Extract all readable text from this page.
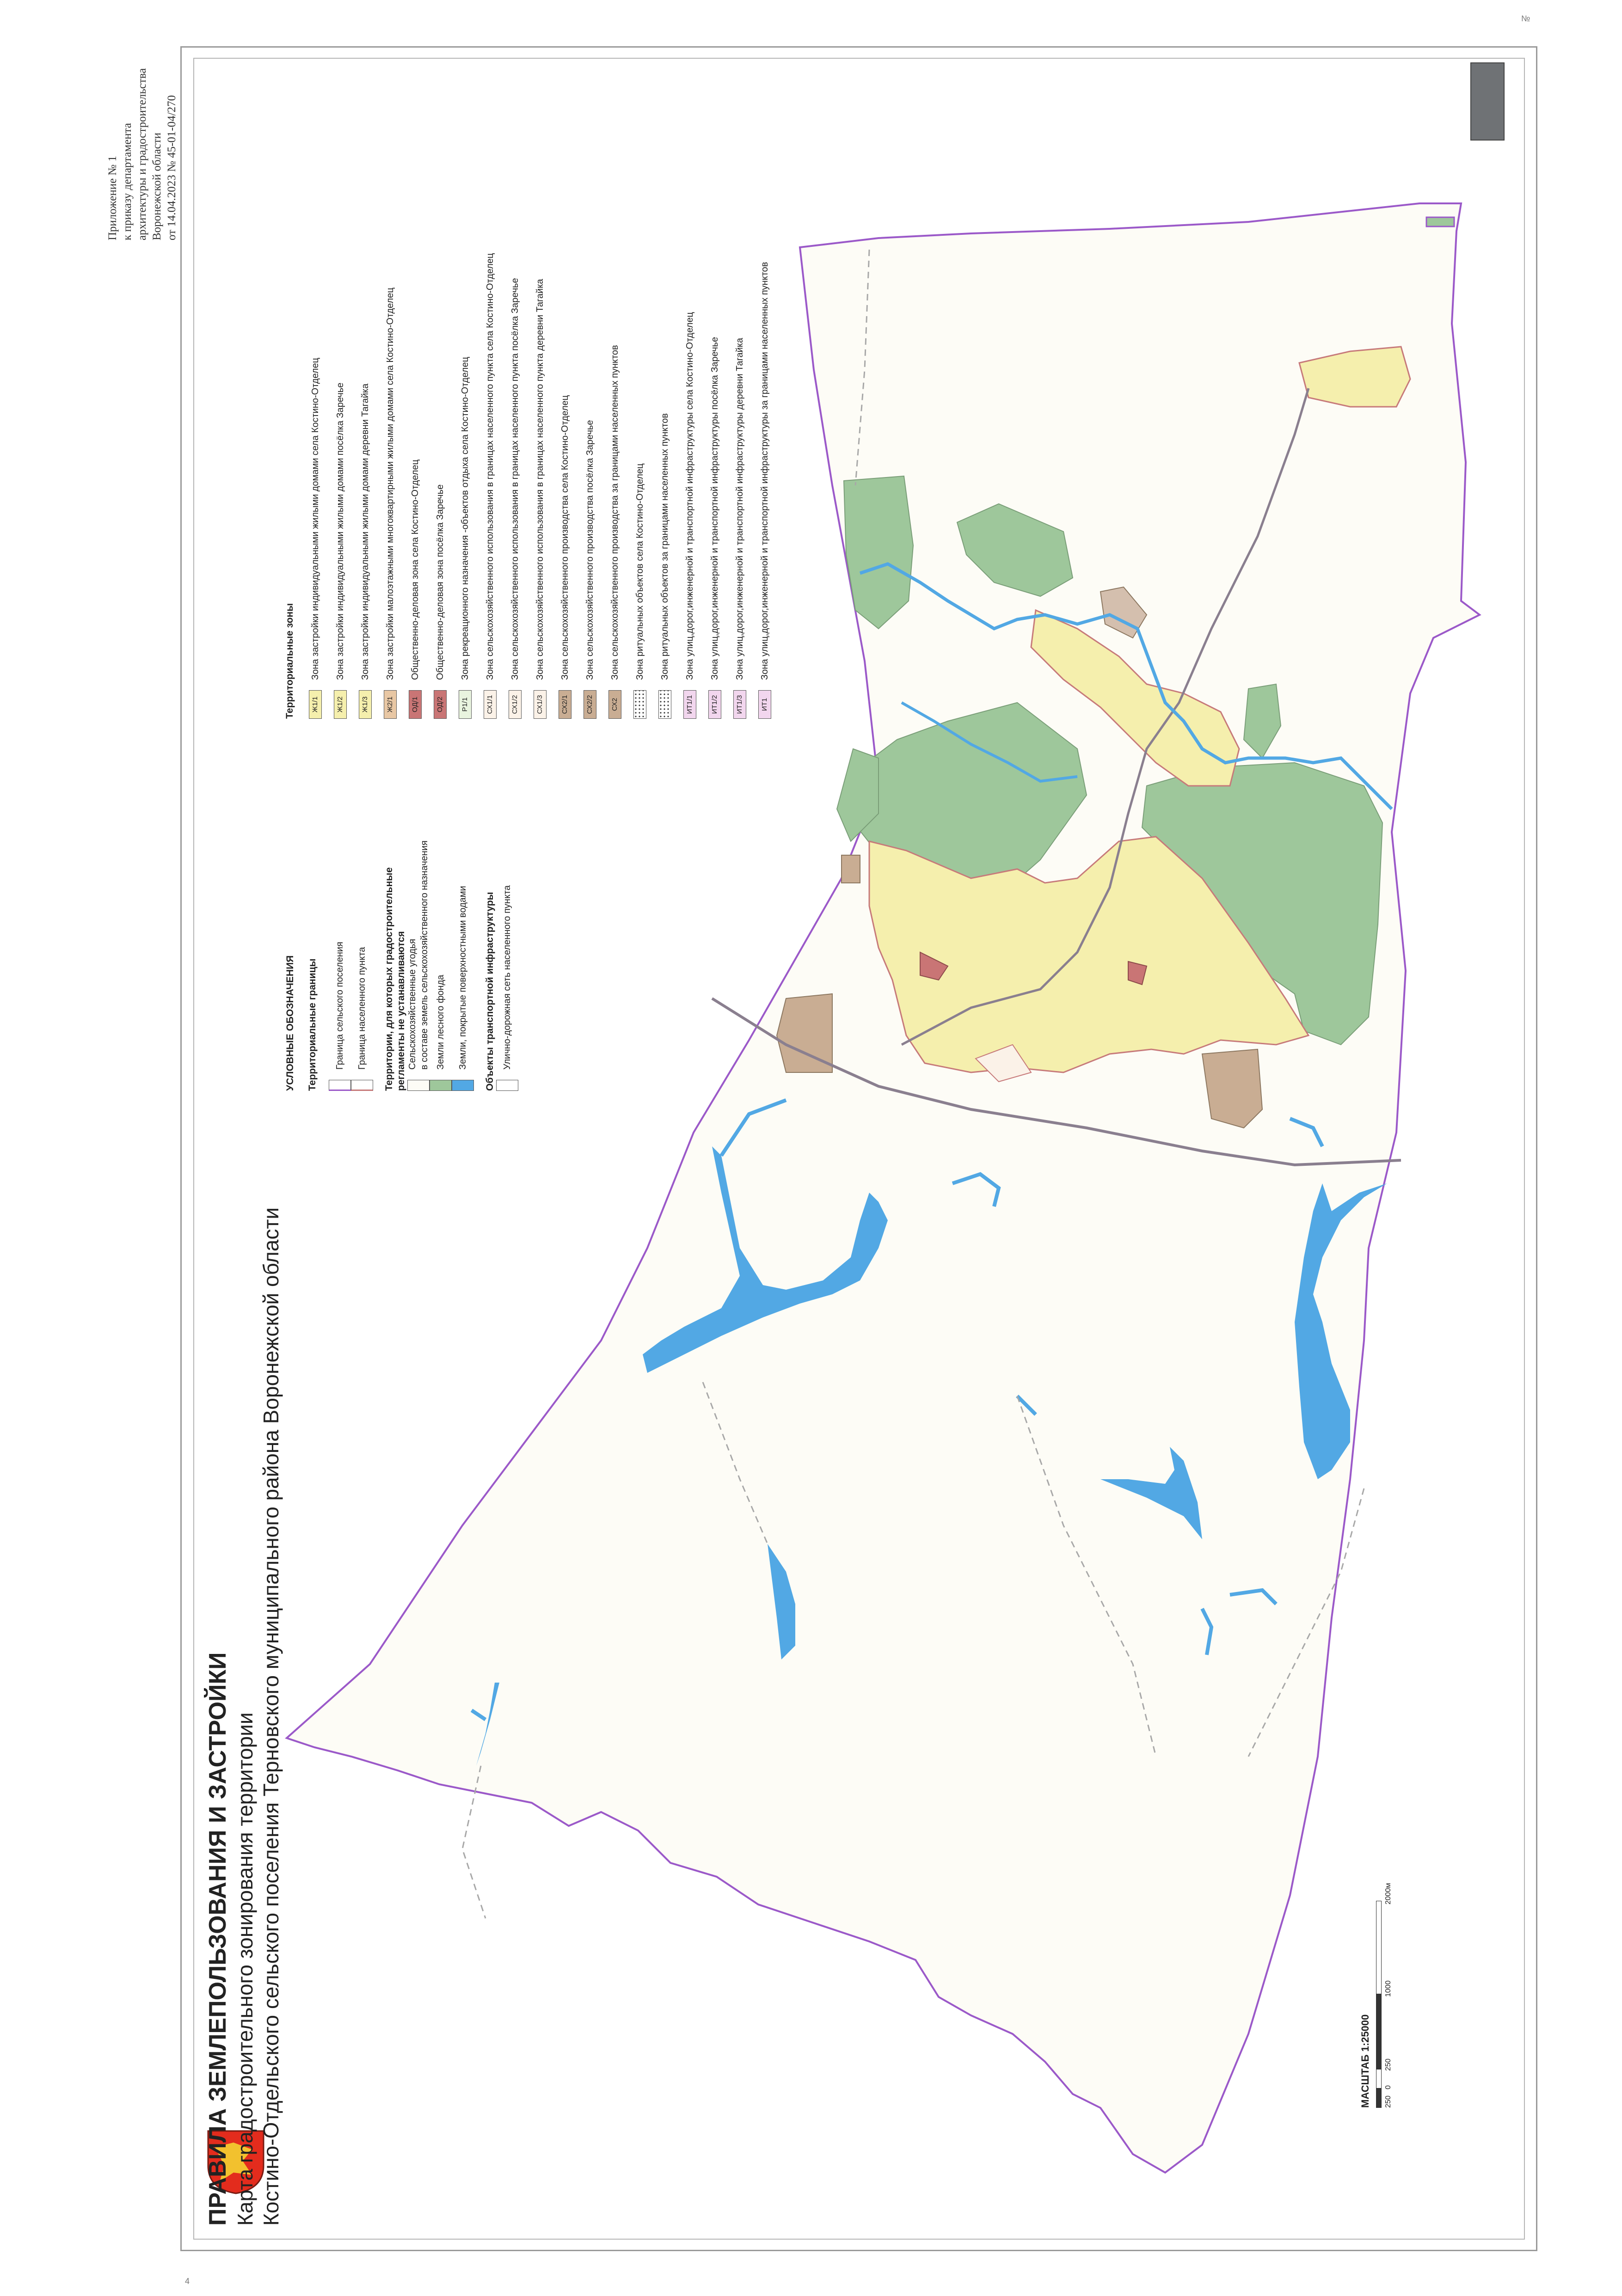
Приложение № 1 к приказу департамента архитектуры и градостроительства Воронежской области от 14.04.2023 № 45-01-04/270
ПРАВИЛА ЗЕМЛЕПОЛЬЗОВАНИЯ И ЗАСТРОЙКИ Карта градостроительного зонирования территории Костино-Отдельского сельского поселения Терновского муниципального района Воронежской области
УСЛОВНЫЕ ОБОЗНАЧЕНИЯ Территориальные границы Граница сельского поселения Граница населенного пункта Территории, для которых градостроительные регламенты не устанавливаются Сельскохозяйственные угодья в составе земель сельскохозяйственного назначения Земли лесного фонда Земли, покрытые поверхностными водами Объекты транспортной инфраструктуры Улично-дорожная сеть населенного пункта
Территориальные зоны	Ж1/1
Зона застройки индивидуальными жилыми домами села Костино-Отделец
Ж1/2
Зона застройки индивидуальными жилыми домами посёлка Заречье
Ж1/3
Зона застройки индивидуальными жилыми домами деревни Тагайка
Ж2/1
Зона застройки малоэтажными многоквартирными жилыми домами села Костино-Отделец
ОД/1
Общественно-деловая зона села Костино-Отделец
ОД/2
Общественно-деловая зона посёлка Заречье
Р1/1
Зона рекреационного назначения -объектов отдыха села Костино-Отделец
СХ1/1
Зона сельскохозяйственного использования в границах населенного пункта села Костино-Отделец
СХ1/2
Зона сельскохозяйственного использования в границах населенного пункта посёлка Заречье
СХ1/3
Зона сельскохозяйственного использования в границах населенного пункта деревни Тагайка
СХ2/1
Зона сельскохозяйственного производства села Костино-Отделец
СХ2/2
Зона сельскохозяйственного производства посёлка Заречье
СХ2
Зона сельскохозяйственного производства за границами населенных пунктов Зона ритуальных объектов села Костино-Отделец Зона ритуальных объектов за границами населенных пунктов
ИТ1/1
Зона улиц,дорог,инженерной и транспортной инфраструктуры села Костино-Отделец
ИТ1/2
Зона улиц,дорог,инженерной и транспортной инфраструктуры посёлка Заречье
ИТ1/3
Зона улиц,дорог,инженерной и транспортной инфраструктуры деревни Тагайка
ИТ1
Зона улиц,дорог,инженерной и транспортной инфраструктуры за границами населенных пунктов
МАСШТАБ 1:25000 250
0
250
1000
2000
м
№
4
